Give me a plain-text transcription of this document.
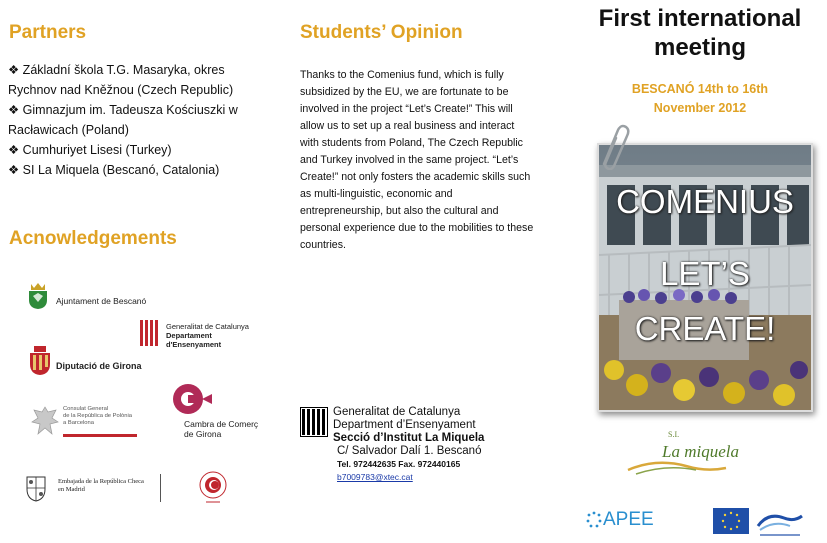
Partners
❖ Základní škola T.G. Masaryka, okres Rychnov nad Kněžnou (Czech Republic)
❖ Gimnazjum im. Tadeusza Kościuszki w Racławicach (Poland)
❖ Cumhuriyet Lisesi (Turkey)
❖ SI La Miquela (Bescanó, Catalonia)
Acnowledgements
Ajuntament de Bescanó
Generalitat de Catalunya
Departament
d'Ensenyament
Diputació de Girona
Cambra de Comerç
de Girona
Consulat General
de la República de Polònia
a Barcelona
Embajada de la República Checa
en Madrid
Students’ Opinion
Thanks to the Comenius fund, which is fully subsidized by the EU, we are fortunate to be involved in the project “Let’s Create!” This will allow us to set up a real business and interact with students from Poland, The Czech Republic and Turkey involved in the same project. “Let’s Create!” not only fosters the academic skills such as multi-linguistic, economic and entrepreneurship, but also the cultural and personal experience due to the mobilities to these countries.
Generalitat de Catalunya
Department d’Ensenyament
Secció d’Institut La Miquela
C/ Salvador Dalí 1. Bescanó
Tel. 972442635 Fax. 972440165
b7009783@xtec.cat
First international
meeting
BESCANÓ 14th to 16th
November 2012
COMENIUS
LET’S
CREATE!
S.I.
La miquela
APEE
